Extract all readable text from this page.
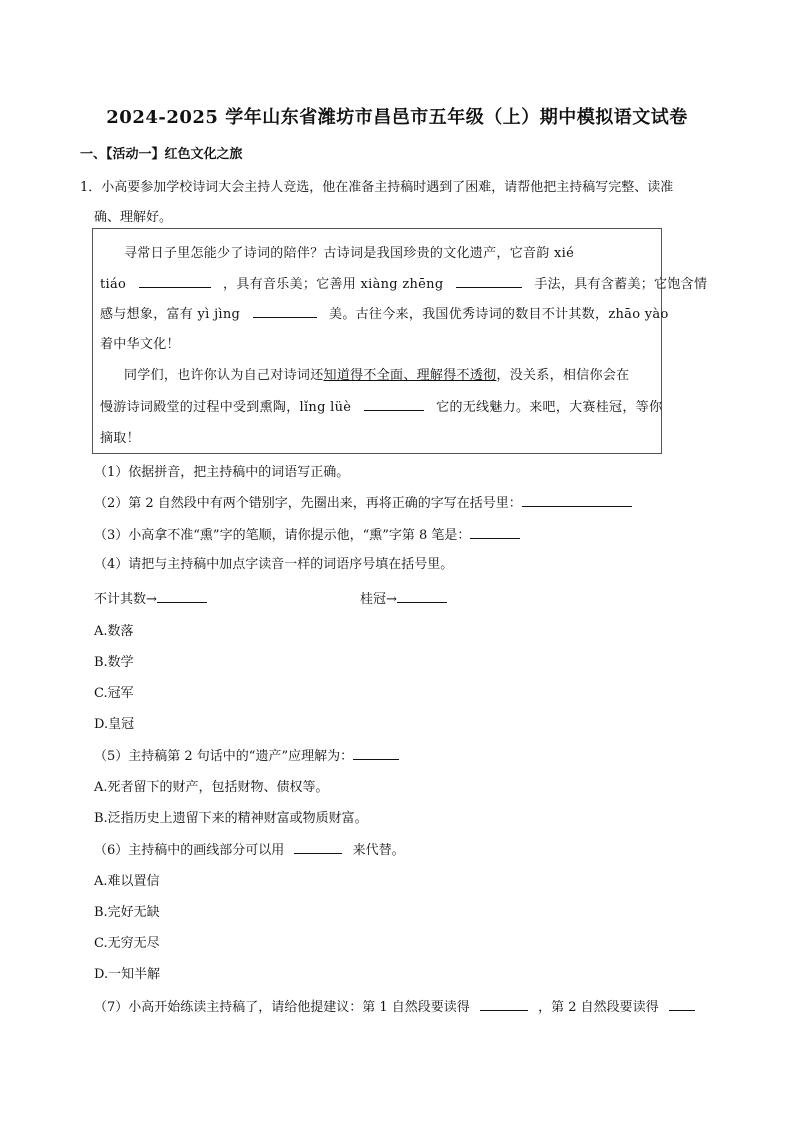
2024-2025 学年山东省潍坊市昌邑市五年级（上）期中模拟语文试卷
一、【活动一】红色文化之旅
1．小高要参加学校诗词大会主持人竞选，他在准备主持稿时遇到了困难，请帮他把主持稿写完整、读准
确、理解好。
寻常日子里怎能少了诗词的陪伴？古诗词是我国珍贵的文化遗产，它音韵 xié
tiáo	，具有音乐美；它善用 xiàng zhēng	手法，具有含蓄美；它饱含情
感与想象，富有 yì jìng	美。古往今来，我国优秀诗词的数目不计其数，zhāo yào
着中华文化！
同学们，也许你认为自己对诗词还知道得不全面、理解得不透彻，没关系，相信你会在
慢游诗词殿堂的过程中受到熏陶，lǐng lüè	它的无线魅力。来吧，大赛桂冠，等你
摘取！
（1）依据拼音，把主持稿中的词语写正确。
（2）第 2 自然段中有两个错别字，先圈出来，再将正确的字写在括号里：
（3）小高拿不准“熏”字的笔顺，请你提示他，“熏”字第 8 笔是：
（4）请把与主持稿中加点字读音一样的词语序号填在括号里。
不计其数→	桂冠→
A.数落
B.数学
C.冠军
D.皇冠
（5）主持稿第 2 句话中的“遗产”应理解为：
A.死者留下的财产，包括财物、债权等。
B.泛指历史上遗留下来的精神财富或物质财富。
（6）主持稿中的画线部分可以用	来代替。
A.难以置信
B.完好无缺
C.无穷无尽
D.一知半解
（7）小高开始练读主持稿了，请给他提建议：第 1 自然段要读得	，第 2 自然段要读得
